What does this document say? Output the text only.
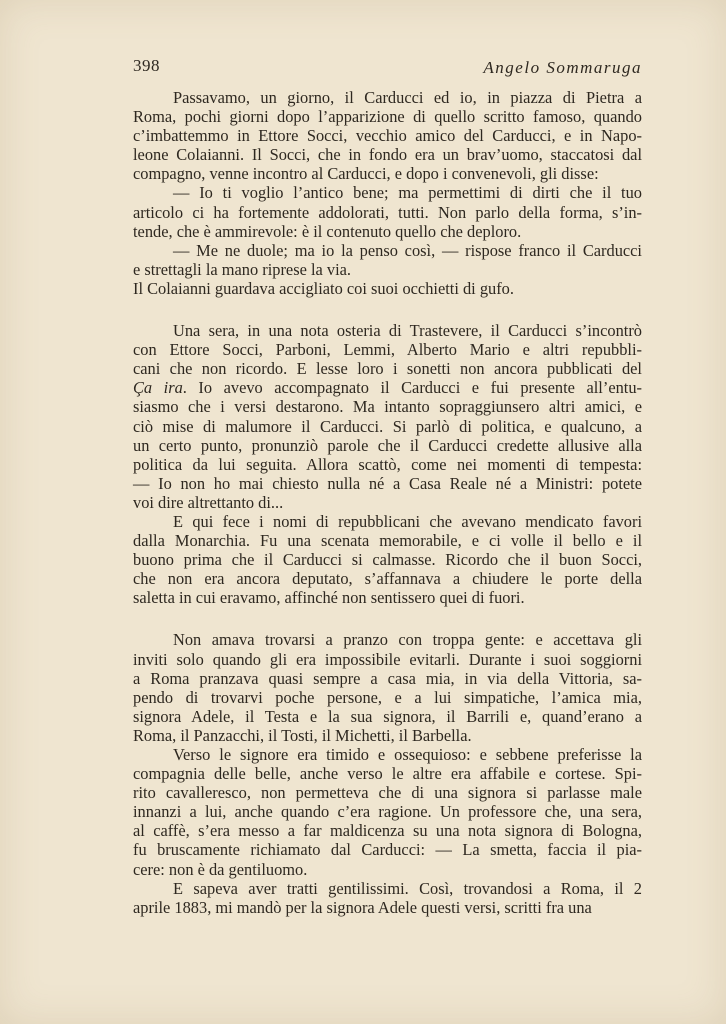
398	Angelo Sommaruga

Passavamo, un giorno, il Carducci ed io, in piazza di Pietra a

Roma, pochi giorni dopo l’apparizione di quello scritto famoso, quando

c’imbattemmo in Ettore Socci, vecchio amico del Carducci, e in Napo-

leone Colaianni. Il Socci, che in fondo era un brav’uomo, staccatosi dal

compagno, venne incontro al Carducci, e dopo i convenevoli, gli disse:

— Io ti voglio l’antico bene; ma permettimi di dirti che il tuo

articolo ci ha fortemente addolorati, tutti. Non parlo della forma, s’in-

tende, che è ammirevole: è il contenuto quello che deploro.

— Me ne duole; ma io la penso così, — rispose franco il Carducci

e strettagli la mano riprese la via.

Il Colaianni guardava accigliato coi suoi occhietti di gufo.

Una sera, in una nota osteria di Trastevere, il Carducci s’incontrò

con Ettore Socci, Parboni, Lemmi, Alberto Mario e altri repubbli-

cani che non ricordo. E lesse loro i sonetti non ancora pubblicati del

Ça ira. Io avevo accompagnato il Carducci e fui presente all’entu-

siasmo che i versi destarono. Ma intanto sopraggiunsero altri amici, e

ciò mise di malumore il Carducci. Si parlò di politica, e qualcuno, a

un certo punto, pronunziò parole che il Carducci credette allusive alla

politica da lui seguita. Allora scattò, come nei momenti di tempesta:

— Io non ho mai chiesto nulla né a Casa Reale né a Ministri: potete

voi dire altrettanto di...

E qui fece i nomi di repubblicani che avevano mendicato favori

dalla Monarchia. Fu una scenata memorabile, e ci volle il bello e il

buono prima che il Carducci si calmasse. Ricordo che il buon Socci,

che non era ancora deputato, s’affannava a chiudere le porte della

saletta in cui eravamo, affinché non sentissero quei di fuori.

Non amava trovarsi a pranzo con troppa gente: e accettava gli

inviti solo quando gli era impossibile evitarli. Durante i suoi soggiorni

a Roma pranzava quasi sempre a casa mia, in via della Vittoria, sa-

pendo di trovarvi poche persone, e a lui simpatiche, l’amica mia,

signora Adele, il Testa e la sua signora, il Barrili e, quand’erano a

Roma, il Panzacchi, il Tosti, il Michetti, il Barbella.

Verso le signore era timido e ossequioso: e sebbene preferisse la

compagnia delle belle, anche verso le altre era affabile e cortese. Spi-

rito cavalleresco, non permetteva che di una signora si parlasse male

innanzi a lui, anche quando c’era ragione. Un professore che, una sera,

al caffè, s’era messo a far maldicenza su una nota signora di Bologna,

fu bruscamente richiamato dal Carducci: — La smetta, faccia il pia-

cere: non è da gentiluomo.

E sapeva aver tratti gentilissimi. Così, trovandosi a Roma, il 2

aprile 1883, mi mandò per la signora Adele questi versi, scritti fra una
